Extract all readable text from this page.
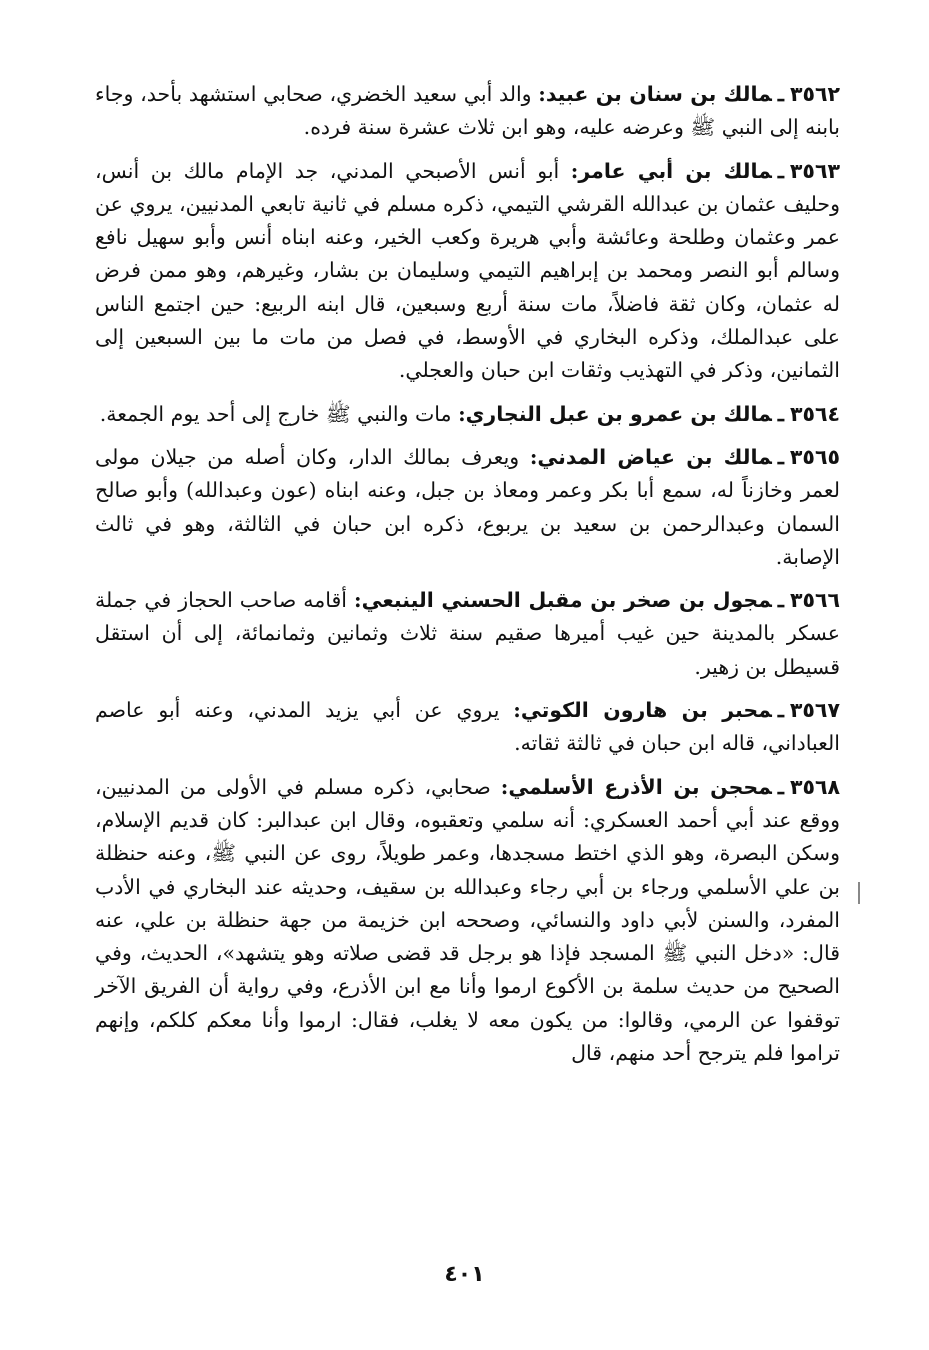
٣٥٦٢ـمالك بن سنان بن عبيد: والد أبي سعيد الخضري، صحابي استشهد بأحد، وجاء بابنه إلى النبي ﷺ وعرضه عليه، وهو ابن ثلاث عشرة سنة فرده.

٣٥٦٣ـمالك بن أبي عامر: أبو أنس الأصبحي المدني، جد الإمام مالك بن أنس، وحليف عثمان بن عبدالله القرشي التيمي، ذكره مسلم في ثانية تابعي المدنيين، يروي عن عمر وعثمان وطلحة وعائشة وأبي هريرة وكعب الخير، وعنه ابناه أنس وأبو سهيل نافع وسالم أبو النصر ومحمد بن إبراهيم التيمي وسليمان بن بشار، وغيرهم، وهو ممن فرض له عثمان، وكان ثقة فاضلاً، مات سنة أربع وسبعين، قال ابنه الربيع: حين اجتمع الناس على عبدالملك، وذكره البخاري في الأوسط، في فصل من مات ما بين السبعين إلى الثمانين، وذكر في التهذيب وثقات ابن حبان والعجلي.

٣٥٦٤ـمالك بن عمرو بن عبل النجاري: مات والنبي ﷺ خارج إلى أحد يوم الجمعة.

٣٥٦٥ـمالك بن عياض المدني: ويعرف بمالك الدار، وكان أصله من جيلان مولى لعمر وخازناً له، سمع أبا بكر وعمر ومعاذ بن جبل، وعنه ابناه (عون وعبدالله) وأبو صالح السمان وعبدالرحمن بن سعيد بن يربوع، ذكره ابن حبان في الثالثة، وهو في ثالث الإصابة.

٣٥٦٦ـمجول بن صخر بن مقبل الحسني الينبعي: أقامه صاحب الحجاز في جملة عسكر بالمدينة حين غيب أميرها صقيم سنة ثلاث وثمانين وثمانمائة، إلى أن استقل قسيطل بن زهير.

٣٥٦٧ـمحبر بن هارون الكوتي: يروي عن أبي يزيد المدني، وعنه أبو عاصم العباداني، قاله ابن حبان في ثالثة ثقاته.

٣٥٦٨ـمحجن بن الأذرع الأسلمي: صحابي، ذكره مسلم في الأولى من المدنيين، ووقع عند أبي أحمد العسكري: أنه سلمي وتعقبوه، وقال ابن عبدالبر: كان قديم الإسلام، وسكن البصرة، وهو الذي اختط مسجدها، وعمر طويلاً، روى عن النبي ﷺ، وعنه حنظلة بن علي الأسلمي ورجاء بن أبي رجاء وعبدالله بن سقيف، وحديثه عند البخاري في الأدب المفرد، والسنن لأبي داود والنسائي، وصححه ابن خزيمة من جهة حنظلة بن علي، عنه قال: «دخل النبي ﷺ المسجد فإذا هو برجل قد قضى صلاته وهو يتشهد»، الحديث، وفي الصحيح من حديث سلمة بن الأكوع ارموا وأنا مع ابن الأذرع، وفي رواية أن الفريق الآخر توقفوا عن الرمي، وقالوا: من يكون معه لا يغلب، فقال: ارموا وأنا معكم كلكم، وإنهم تراموا فلم يترجح أحد منهم، قال

٤٠١
